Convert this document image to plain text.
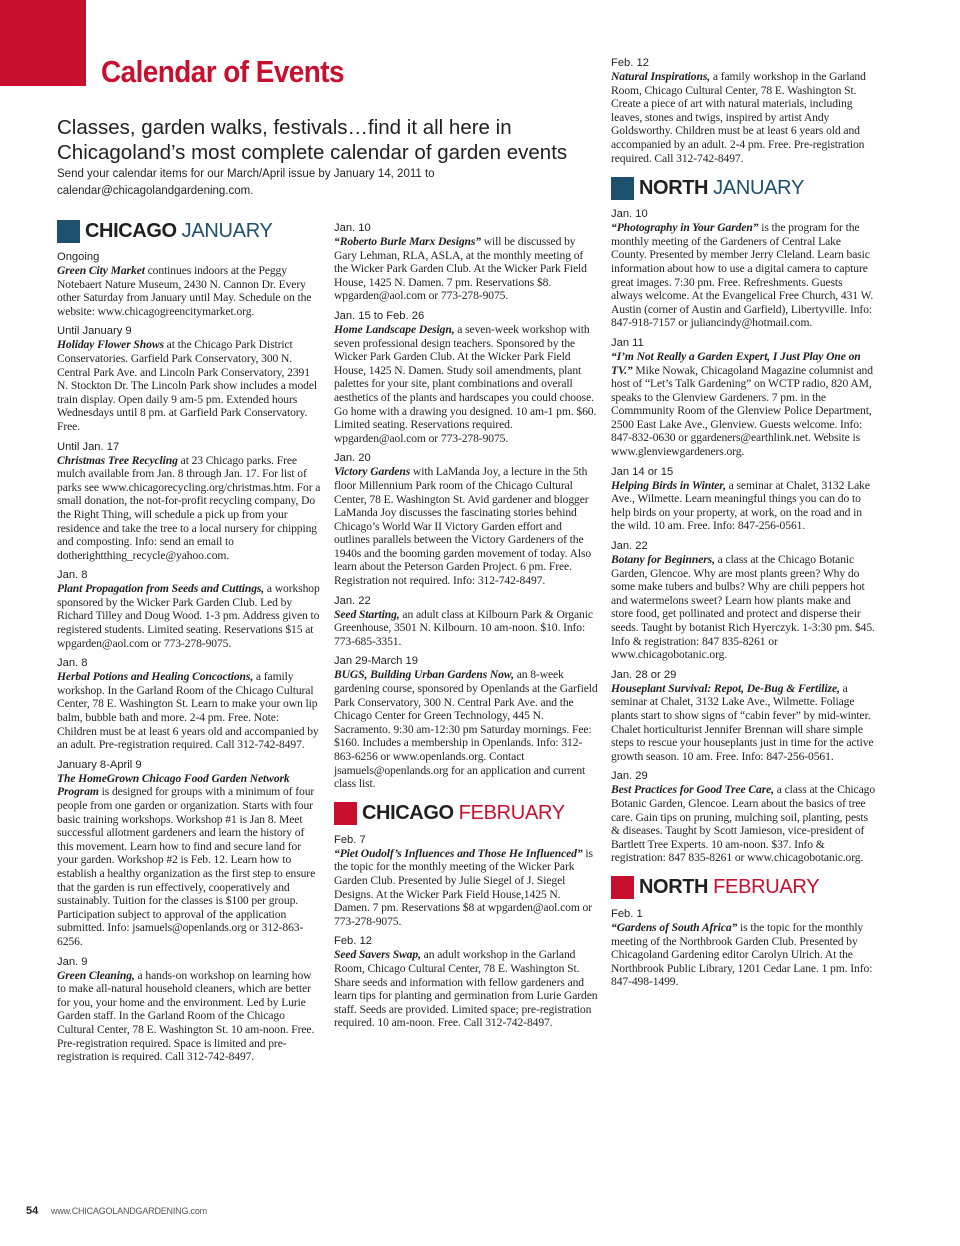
Calendar of Events
Classes, garden walks, festivals…find it all here in
Chicagoland’s most complete calendar of garden events
Send your calendar items for our March/April issue by January 14, 2011 to
calendar@chicagolandgardening.com.
CHICAGO JANUARY
Ongoing

Green City Market continues indoors at the Peggy Notebaert Nature Museum, 2430 N. Cannon Dr. Every other Saturday from January until May. Schedule on the website: www.chicagogreencitymarket.org.

Until January 9

Holiday Flower Shows at the Chicago Park District Conservatories. Garfield Park Conservatory, 300 N. Central Park Ave. and Lincoln Park Conservatory, 2391 N. Stockton Dr. The Lincoln Park show includes a model train display. Open daily 9 am-5 pm. Extended hours Wednesdays until 8 pm. at Garfield Park Conservatory. Free.

Until Jan. 17

Christmas Tree Recycling at 23 Chicago parks. Free mulch available from Jan. 8 through Jan. 17. For list of parks see www.chicagorecycling.org/christmas.htm. For a small donation, the not-for-profit recycling company, Do the Right Thing, will schedule a pick up from your residence and take the tree to a local nursery for chipping and composting. Info: send an email to dotherightthing_recycle@yahoo.com.

Jan. 8

Plant Propagation from Seeds and Cuttings, a workshop sponsored by the Wicker Park Garden Club. Led by Richard Tilley and Doug Wood. 1-3 pm. Address given to registered students. Limited seating. Reservations $15 at wpgarden@aol.com or 773-278-9075.

Jan. 8

Herbal Potions and Healing Concoctions, a family workshop. In the Garland Room of the Chicago Cultural Center, 78 E. Washington St. Learn to make your own lip balm, bubble bath and more. 2-4 pm. Free. Note: Children must be at least 6 years old and accompanied by an adult. Pre-registration required. Call 312-742-8497.

January 8-April 9

The HomeGrown Chicago Food Garden Network Program is designed for groups with a minimum of four people from one garden or organization. Starts with four basic training workshops. Workshop #1 is Jan 8. Meet successful allotment gardeners and learn the history of this movement. Learn how to find and secure land for your garden. Workshop #2 is Feb. 12. Learn how to establish a healthy organization as the first step to ensure that the garden is run effectively, cooperatively and sustainably. Tuition for the classes is $100 per group. Participation subject to approval of the application submitted. Info: jsamuels@openlands.org or 312-863-6256.

Jan. 9

Green Cleaning, a hands-on workshop on learning how to make all-natural household cleaners, which are better for you, your home and the environment. Led by Lurie Garden staff. In the Garland Room of the Chicago Cultural Center, 78 E. Washington St. 10 am-noon. Free. Pre-registration required. Space is limited and pre-registration is required. Call 312-742-8497.

Jan. 10

“Roberto Burle Marx Designs” will be discussed by Gary Lehman, RLA, ASLA, at the monthly meeting of the Wicker Park Garden Club. At the Wicker Park Field House, 1425 N. Damen. 7 pm. Reservations $8. wpgarden@aol.com or 773-278-9075.

Jan. 15 to Feb. 26

Home Landscape Design, a seven-week workshop with seven professional design teachers. Sponsored by the Wicker Park Garden Club. At the Wicker Park Field House, 1425 N. Damen. Study soil amendments, plant palettes for your site, plant combinations and overall aesthetics of the plants and hardscapes you could choose. Go home with a drawing you designed. 10 am-1 pm. $60. Limited seating. Reservations required. wpgarden@aol.com or 773-278-9075.

Jan. 20

Victory Gardens with LaManda Joy, a lecture in the 5th floor Millennium Park room of the Chicago Cultural Center, 78 E. Washington St. Avid gardener and blogger LaManda Joy discusses the fascinating stories behind Chicago’s World War II Victory Garden effort and outlines parallels between the Victory Gardeners of the 1940s and the booming garden movement of today. Also learn about the Peterson Garden Project. 6 pm. Free. Registration not required. Info: 312-742-8497.

Jan. 22

Seed Starting, an adult class at Kilbourn Park & Organic Greenhouse, 3501 N. Kilbourn. 10 am-noon. $10. Info: 773-685-3351.

Jan 29-March 19

BUGS, Building Urban Gardens Now, an 8-week gardening course, sponsored by Openlands at the Garfield Park Conservatory, 300 N. Central Park Ave. and the Chicago Center for Green Technology, 445 N. Sacramento. 9:30 am-12:30 pm Saturday mornings. Fee: $160. Includes a membership in Openlands. Info: 312-863-6256 or www.openlands.org. Contact jsamuels@openlands.org for an application and current class list.

CHICAGO FEBRUARY
Feb. 7

“Piet Oudolf’s Influences and Those He Influenced” is the topic for the monthly meeting of the Wicker Park Garden Club. Presented by Julie Siegel of J. Siegel Designs. At the Wicker Park Field House,1425 N. Damen. 7 pm. Reservations $8 at wpgarden@aol.com or 773-278-9075.

Feb. 12

Seed Savers Swap, an adult workshop in the Garland Room, Chicago Cultural Center, 78 E. Washington St. Share seeds and information with fellow gardeners and learn tips for planting and germination from Lurie Garden staff. Seeds are provided. Limited space; pre-registration required. 10 am-noon. Free. Call 312-742-8497.

Feb. 12

Natural Inspirations, a family workshop in the Garland Room, Chicago Cultural Center, 78 E. Washington St. Create a piece of art with natural materials, including leaves, stones and twigs, inspired by artist Andy Goldsworthy. Children must be at least 6 years old and accompanied by an adult. 2-4 pm. Free. Pre-registration required. Call 312-742-8497.

NORTH JANUARY
Jan. 10

“Photography in Your Garden” is the program for the monthly meeting of the Gardeners of Central Lake County. Presented by member Jerry Cleland. Learn basic information about how to use a digital camera to capture great images. 7:30 pm. Free. Refreshments. Guests always welcome. At the Evangelical Free Church, 431 W. Austin (corner of Austin and Garfield), Libertyville. Info: 847-918-7157 or juliancindy@hotmail.com.

Jan 11

“I’m Not Really a Garden Expert, I Just Play One on TV.” Mike Nowak, Chicagoland Magazine columnist and host of “Let’s Talk Gardening” on WCTP radio, 820 AM, speaks to the Glenview Gardeners. 7 pm. in the Commmunity Room of the Glenview Police Department, 2500 East Lake Ave., Glenview. Guests welcome. Info: 847-832-0630 or ggardeners@earthlink.net. Website is www.glenviewgardeners.org.

Jan 14 or 15

Helping Birds in Winter, a seminar at Chalet, 3132 Lake Ave., Wilmette. Learn meaningful things you can do to help birds on your property, at work, on the road and in the wild. 10 am. Free. Info: 847-256-0561.

Jan. 22

Botany for Beginners, a class at the Chicago Botanic Garden, Glencoe. Why are most plants green? Why do some make tubers and bulbs? Why are chili peppers hot and watermelons sweet? Learn how plants make and store food, get pollinated and protect and disperse their seeds. Taught by botanist Rich Hyerczyk. 1-3:30 pm. $45. Info & registration: 847 835-8261 or www.chicagobotanic.org.

Jan. 28 or 29

Houseplant Survival: Repot, De-Bug & Fertilize, a seminar at Chalet, 3132 Lake Ave., Wilmette. Foliage plants start to show signs of “cabin fever” by mid-winter. Chalet horticulturist Jennifer Brennan will share simple steps to rescue your houseplants just in time for the active growth season. 10 am. Free. Info: 847-256-0561.

Jan. 29

Best Practices for Good Tree Care, a class at the Chicago Botanic Garden, Glencoe. Learn about the basics of tree care. Gain tips on pruning, mulching soil, planting, pests & diseases. Taught by Scott Jamieson, vice-president of Bartlett Tree Experts. 10 am-noon. $37. Info & registration: 847 835-8261 or www.chicagobotanic.org.

NORTH FEBRUARY
Feb. 1

“Gardens of South Africa” is the topic for the monthly meeting of the Northbrook Garden Club. Presented by Chicagoland Gardening editor Carolyn Ulrich. At the Northbrook Public Library, 1201 Cedar Lane. 1 pm. Info: 847-498-1499.

54 www.CHICAGOLANDGARDENING.com
